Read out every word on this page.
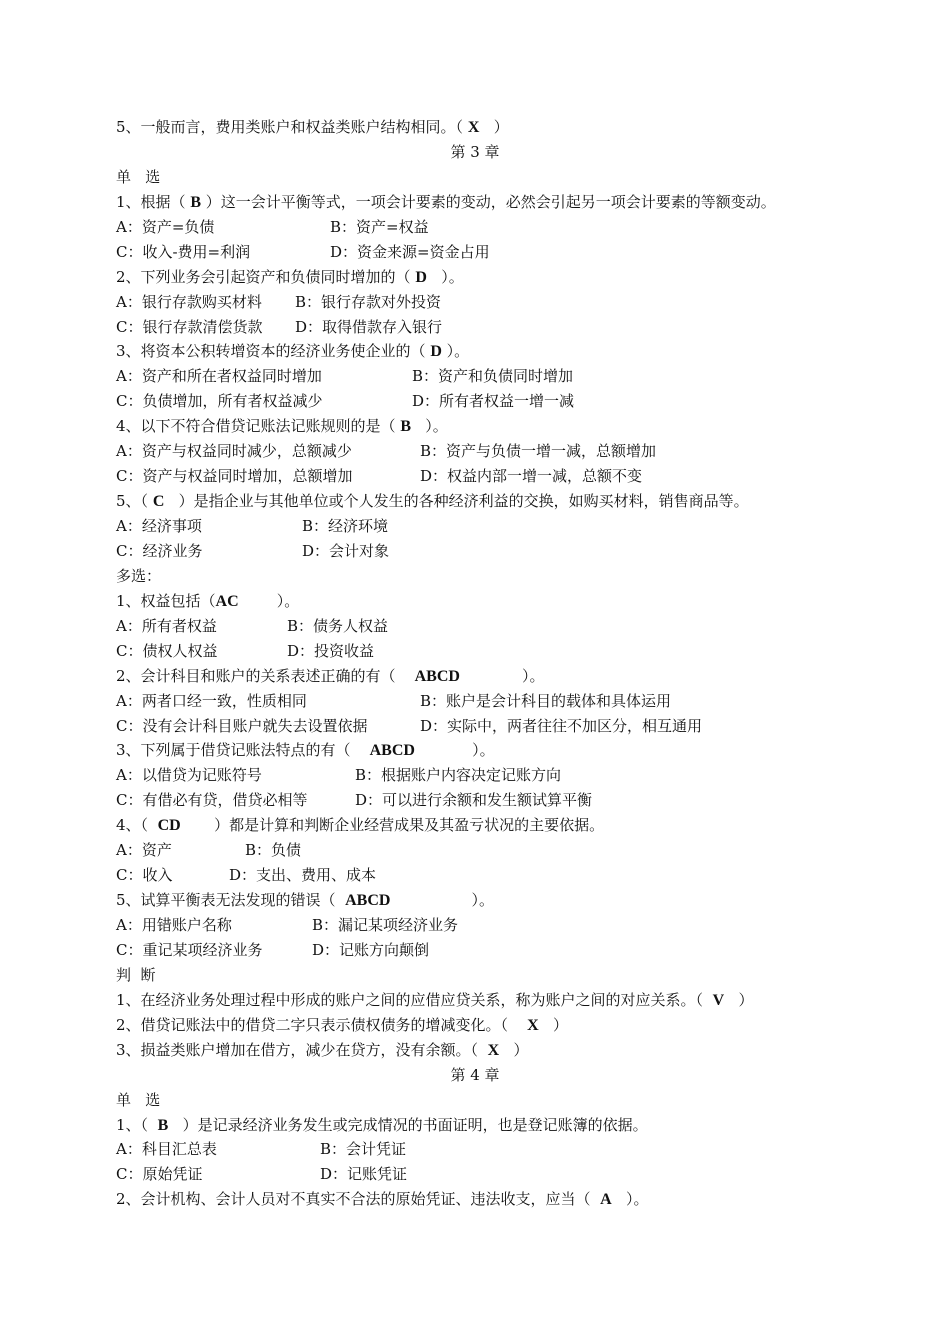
5、一般而言，费用类账户和权益类账户结构相同。（ X   ）
第 3 章
单   选
1、根据（ B ）这一会计平衡等式，一项会计要素的变动，必然会引起另一项会计要素的等额变动。
A：资产=负债	B：资产=权益
C：收入-费用=利润	D：资金来源=资金占用
2、下列业务会引起资产和负债同时增加的（ D   ）。
A：银行存款购买材料 B：银行存款对外投资
C：银行存款清偿货款 D：取得借款存入银行
3、将资本公积转增资本的经济业务使企业的（ D ）。
A：资产和所在者权益同时增加	B：资产和负债同时增加
C：负债增加，所有者权益减少	D：所有者权益一增一减
4、以下不符合借贷记账法记账规则的是（ B   ）。
A：资产与权益同时减少，总额减少	B：资产与负债一增一减，总额增加
C：资产与权益同时增加，总额增加	D：权益内部一增一减，总额不变
5、（ C   ）是指企业与其他单位或个人发生的各种经济利益的交换，如购买材料，销售商品等。
A：经济事项	B：经济环境
C：经济业务	D：会计对象
多选：
1、权益包括（AC        ）。
A：所有者权益	B：债务人权益
C：债权人权益	D：投资收益
2、会计科目和账户的关系表述正确的有（    ABCD             ）。
A：两者口经一致，性质相同	B：账户是会计科目的载体和具体运用
C：没有会计科目账户就失去设置依据	D：实际中，两者往往不加区分，相互通用
3、下列属于借贷记账法特点的有（    ABCD            ）。
A：以借贷为记账符号	B：根据账户内容决定记账方向
C：有借必有贷，借贷必相等	D：可以进行余额和发生额试算平衡
4、（  CD       ）都是计算和判断企业经营成果及其盈亏状况的主要依据。
A：资产	B：负债
C：收入	D：支出、费用、成本
5、试算平衡表无法发现的错误（  ABCD                 ）。
A：用错账户名称	B：漏记某项经济业务
C：重记某项经济业务	D：记账方向颠倒
判  断
1、在经济业务处理过程中形成的账户之间的应借应贷关系，称为账户之间的对应关系。（  V   ）
2、借贷记账法中的借贷二字只表示债权债务的增减变化。（    X   ）
3、损益类账户增加在借方，减少在贷方，没有余额。（  X   ）
第 4 章
单   选
1、（  B   ）是记录经济业务发生或完成情况的书面证明，也是登记账簿的依据。
A：科目汇总表	B：会计凭证
C：原始凭证	D：记账凭证
2、会计机构、会计人员对不真实不合法的原始凭证、违法收支，应当（  A   ）。
